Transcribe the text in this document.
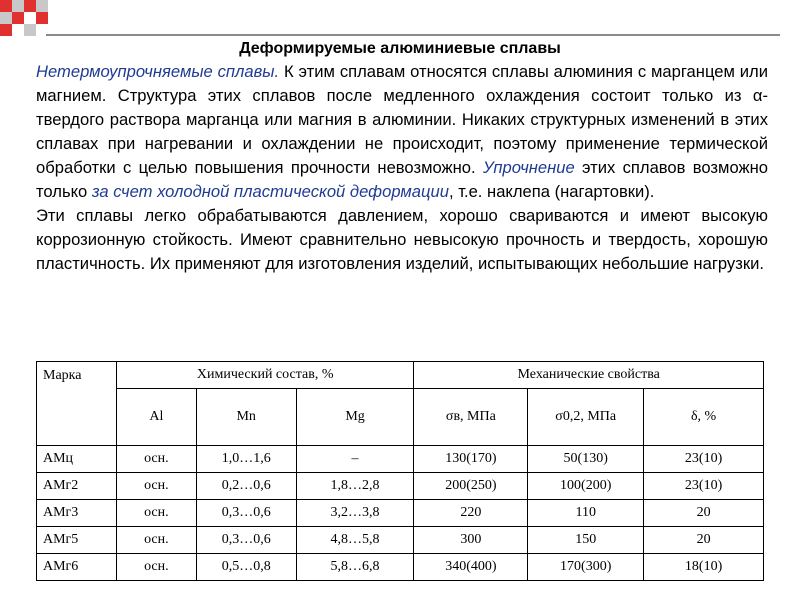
Деформируемые алюминиевые сплавы
Нетермоупрочняемые сплавы. К этим сплавам относятся сплавы алюминия с марганцем или магнием. Структура этих сплавов после медленного охлаждения состоит только из α-твердого раствора марганца или магния в алюминии. Никаких структурных изменений в этих сплавах при нагревании и охлаждении не происходит, поэтому применение термической обработки с целью повышения прочности невозможно. Упрочнение этих сплавов возможно только за счет холодной пластической деформации, т.е. наклепа (нагартовки).
Эти сплавы легко обрабатываются давлением, хорошо свариваются и имеют высокую коррозионную стойкость. Имеют сравнительно невысокую прочность и твердость, хорошую пластичность. Их применяют для изготовления изделий, испытывающих небольшие нагрузки.
Марка	Химический состав, %			Механические свойства		
	Al	Mn	Mg	σв, МПа	σ0,2, МПа	δ, %
АМц	осн.	1,0…1,6	–	130(170)	50(130)	23(10)
АМг2	осн.	0,2…0,6	1,8…2,8	200(250)	100(200)	23(10)
АМг3	осн.	0,3…0,6	3,2…3,8	220	110	20
АМг5	осн.	0,3…0,6	4,8…5,8	300	150	20
АМг6	осн.	0,5…0,8	5,8…6,8	340(400)	170(300)	18(10)
